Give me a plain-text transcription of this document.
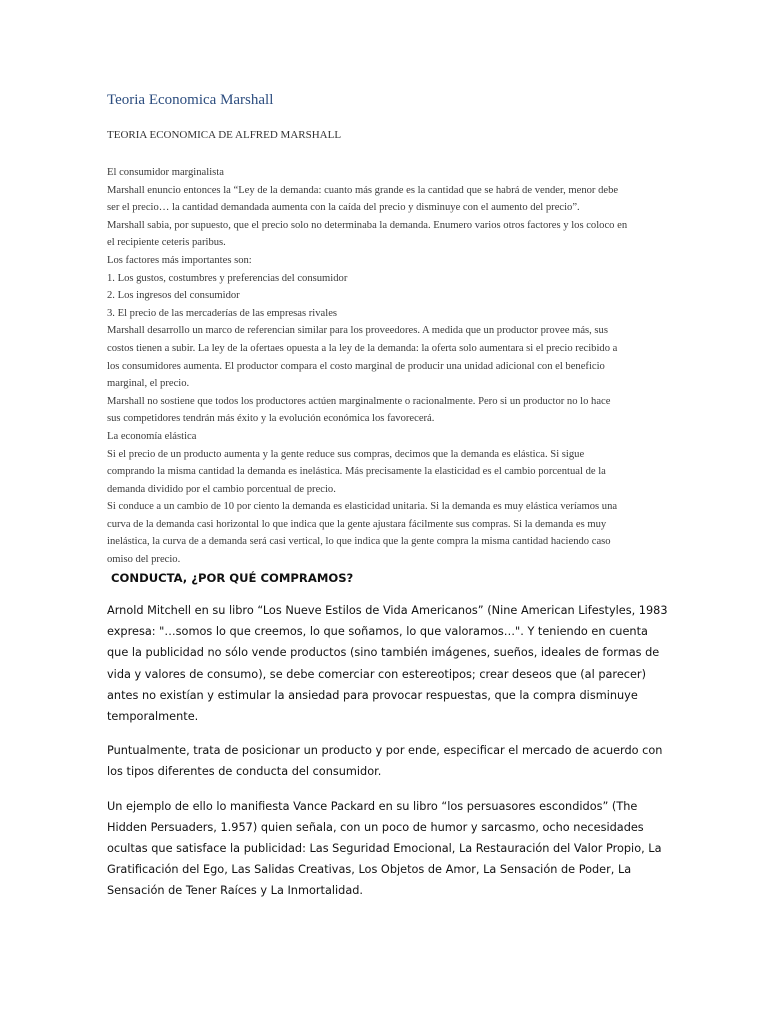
Teoria Economica Marshall
TEORIA ECONOMICA DE ALFRED MARSHALL
El consumidor marginalista
Marshall enuncio entonces la “Ley de la demanda: cuanto más grande es la cantidad que se habrá de vender, menor debe
ser el precio… la cantidad demandada aumenta con la caída del precio y disminuye con el aumento del precio”.
Marshall sabia, por supuesto, que el precio solo no determinaba la demanda. Enumero varios otros factores y los coloco en
el recipiente ceteris paribus.
Los factores más importantes son:
1. Los gustos, costumbres y preferencias del consumidor
2. Los ingresos del consumidor
3. El precio de las mercaderías de las empresas rivales
Marshall desarrollo un marco de referencian similar para los proveedores. A medida que un productor provee más, sus
costos tienen a subir. La ley de la ofertaes opuesta a la ley de la demanda: la oferta solo aumentara si el precio recibido a
los consumidores aumenta. El productor compara el costo marginal de producir una unidad adicional con el beneficio
marginal, el precio.
Marshall no sostiene que todos los productores actúen marginalmente o racionalmente. Pero si un productor no lo hace
sus competidores tendrán más éxito y la evolución económica los favorecerá.
La economía elástica
Si el precio de un producto aumenta y la gente reduce sus compras, decimos que la demanda es elástica. Si sigue
comprando la misma cantidad la demanda es inelástica. Más precisamente la elasticidad es el cambio porcentual de la
demanda dividido por el cambio porcentual de precio.
Si conduce a un cambio de 10 por ciento la demanda es elasticidad unitaria. Si la demanda es muy elástica veríamos una
curva de la demanda casi horizontal lo que indica que la gente ajustara fácilmente sus compras. Si la demanda es muy
inelástica, la curva de a demanda será casi vertical, lo que indica que la gente compra la misma cantidad haciendo caso
omiso del precio.
CONDUCTA, ¿POR QUÉ COMPRAMOS?

Arnold Mitchell en su libro “Los Nueve Estilos de Vida Americanos” (Nine American Lifestyles, 1983
expresa: "…somos lo que creemos, lo que soñamos, lo que valoramos…". Y teniendo en cuenta
que la publicidad no sólo vende productos (sino también imágenes, sueños, ideales de formas de
vida y valores de consumo), se debe comerciar con estereotipos; crear deseos que (al parecer)
antes no existían y estimular la ansiedad para provocar respuestas, que la compra disminuye
temporalmente.

Puntualmente, trata de posicionar un producto y por ende, especificar el mercado de acuerdo con
los tipos diferentes de conducta del consumidor.

Un ejemplo de ello lo manifiesta Vance Packard en su libro “los persuasores escondidos” (The
Hidden Persuaders, 1.957) quien señala, con un poco de humor y sarcasmo, ocho necesidades
ocultas que satisface la publicidad: Las Seguridad Emocional, La Restauración del Valor Propio, La
Gratificación del Ego, Las Salidas Creativas, Los Objetos de Amor, La Sensación de Poder, La
Sensación de Tener Raíces y La Inmortalidad.
